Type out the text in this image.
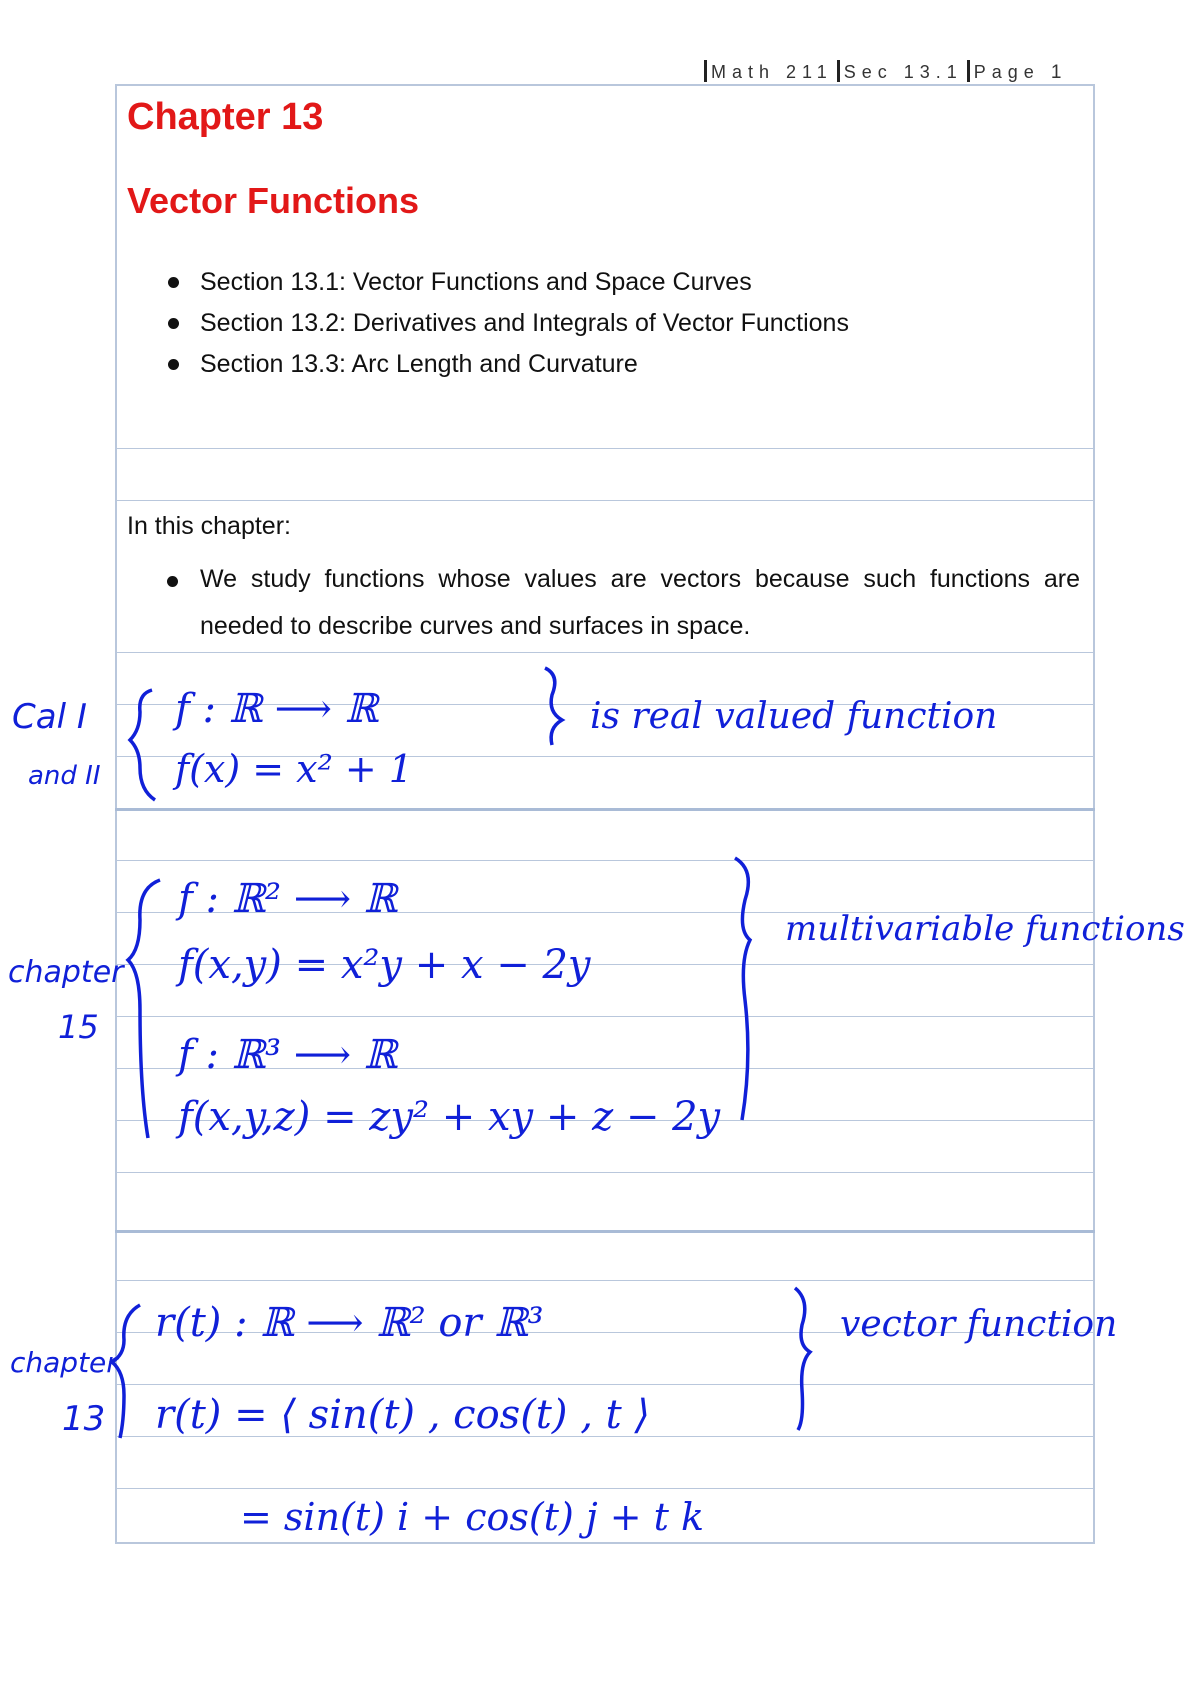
Math 211 Sec 13.1 Page 1
Chapter 13
Vector Functions
Section 13.1: Vector Functions and Space Curves
Section 13.2: Derivatives and Integrals of Vector Functions
Section 13.3: Arc Length and Curvature
In this chapter:
We study functions whose values are vectors because such functions are needed to describe curves and surfaces in space.
Cal I
and II
f : ℝ ⟶ ℝ
f(x) = x² + 1
is real valued function
chapter
15
f : ℝ² ⟶ ℝ
f(x,y) = x²y + x − 2y
f : ℝ³ ⟶ ℝ
f(x,y,z) = zy² + xy + z − 2y
multivariable functions
chapter
13
r(t) : ℝ ⟶ ℝ² or ℝ³
r(t) = ⟨ sin(t) , cos(t) , t ⟩
= sin(t) i + cos(t) j + t k
vector function
